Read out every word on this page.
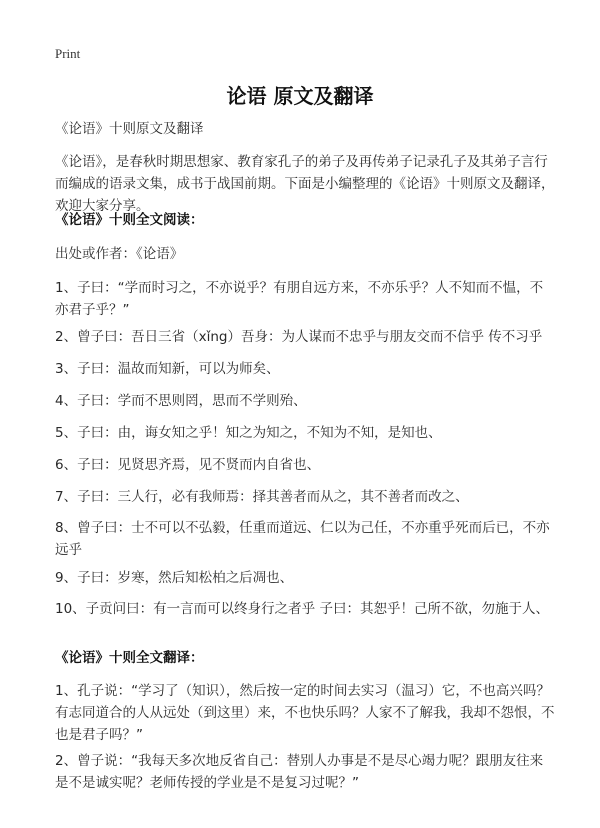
Print
论语 原文及翻译

《论语》十则原文及翻译

《论语》，是春秋时期思想家、教育家孔子的弟子及再传弟子记录孔子及其弟子言行而编成的语录文集，成书于战国前期。下面是小编整理的《论语》十则原文及翻译，欢迎大家分享。

《论语》十则全文阅读：

出处或作者：《论语》

1、子曰：“学而时习之，不亦说乎？有朋自远方来，不亦乐乎？人不知而不愠，不亦君子乎？”

2、曾子曰：吾日三省（xǐng）吾身：为人谋而不忠乎与朋友交而不信乎 传不习乎

3、子曰：温故而知新，可以为师矣、

4、子曰：学而不思则罔，思而不学则殆、

5、子曰：由，诲女知之乎！知之为知之，不知为不知，是知也、

6、子曰：见贤思齐焉，见不贤而内自省也、

7、子曰：三人行，必有我师焉：择其善者而从之，其不善者而改之、

8、曾子曰：士不可以不弘毅，任重而道远、仁以为己任，不亦重乎死而后已，不亦远乎

9、子曰：岁寒，然后知松柏之后凋也、

10、子贡问曰：有一言而可以终身行之者乎 子曰：其恕乎！己所不欲，勿施于人、

《论语》十则全文翻译：

1、孔子说：“学习了（知识），然后按一定的时间去实习（温习）它，不也高兴吗？有志同道合的人从远处（到这里）来，不也快乐吗？人家不了解我，我却不怨恨，不也是君子吗？”

2、曾子说：“我每天多次地反省自己：替别人办事是不是尽心竭力呢？跟朋友往来是不是诚实呢？老师传授的学业是不是复习过呢？”
